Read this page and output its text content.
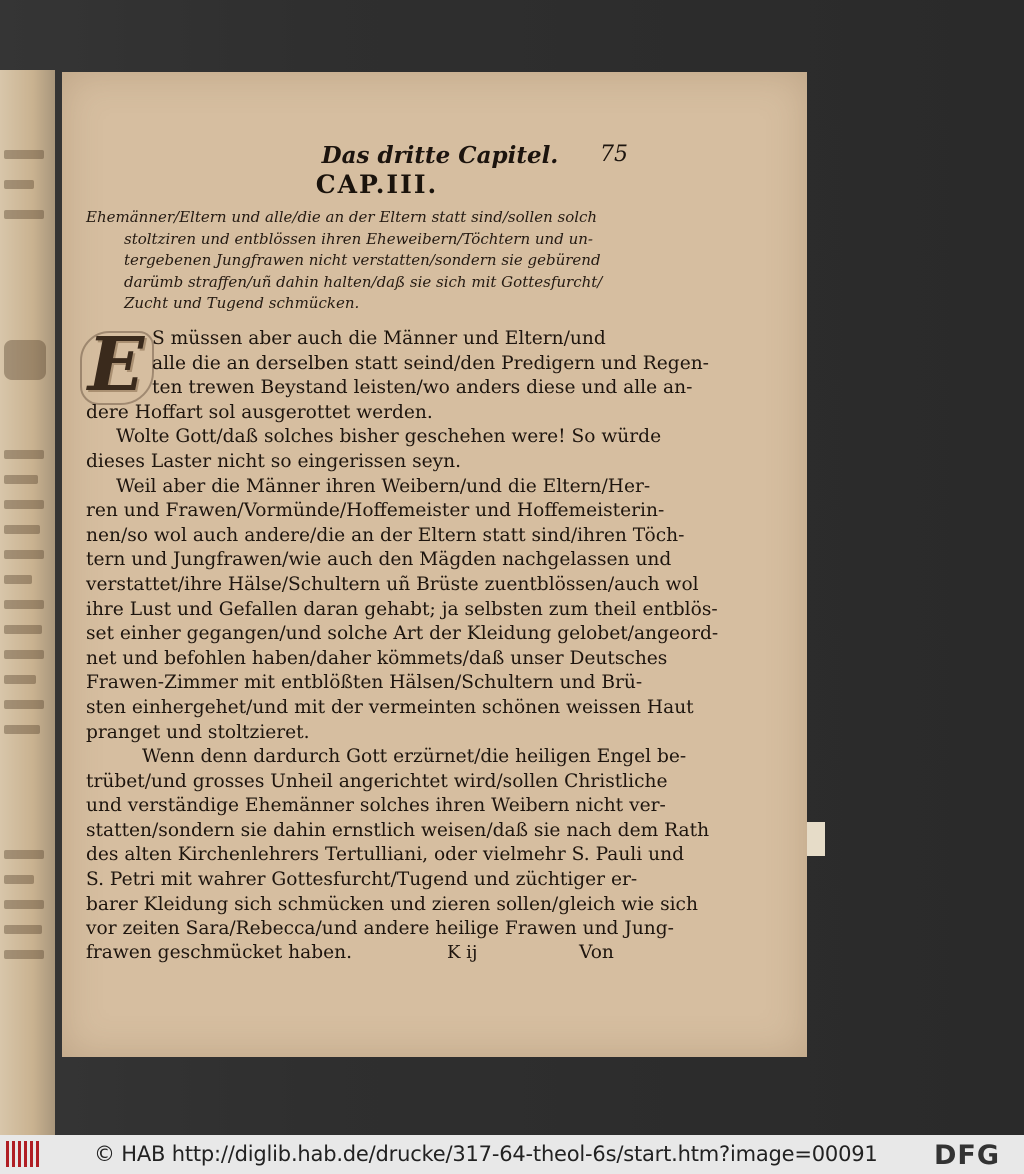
Das dritte Capitel.	75
CAP.III.
Ehemänner/Eltern und alle/die an der Eltern statt sind/sollen solch
stoltziren und entblössen ihren Eheweibern/Töchtern und un-
tergebenen Jungfrawen nicht verstatten/sondern sie gebürend
darümb straffen/uñ dahin halten/daß sie sich mit Gottesfurcht/
Zucht und Tugend schmücken.
E S müssen aber auch die Männer und Eltern/und
alle die an derselben statt seind/den Predigern und Regen-
ten trewen Beystand leisten/wo anders diese und alle an-
dere Hoffart sol ausgerottet werden.
Wolte Gott/daß solches bisher geschehen were! So würde
dieses Laster nicht so eingerissen seyn.
Weil aber die Männer ihren Weibern/und die Eltern/Her-
ren und Frawen/Vormünde/Hoffemeister und Hoffemeisterin-
nen/so wol auch andere/die an der Eltern statt sind/ihren Töch-
tern und Jungfrawen/wie auch den Mägden nachgelassen und
verstattet/ihre Hälse/Schultern uñ Brüste zuentblössen/auch wol
ihre Lust und Gefallen daran gehabt; ja selbsten zum theil entblös-
set einher gegangen/und solche Art der Kleidung gelobet/angeord-
net und befohlen haben/daher kömmets/daß unser Deutsches
Frawen-Zimmer mit entblößten Hälsen/Schultern und Brü-
sten einhergehet/und mit der vermeinten schönen weissen Haut
pranget und stoltzieret.
Wenn denn dardurch Gott erzürnet/die heiligen Engel be-
trübet/und grosses Unheil angerichtet wird/sollen Christliche
und verständige Ehemänner solches ihren Weibern nicht ver-
statten/sondern sie dahin ernstlich weisen/daß sie nach dem Rath
des alten Kirchenlehrers Tertulliani, oder vielmehr S. Pauli und
S. Petri mit wahrer Gottesfurcht/Tugend und züchtiger er-
barer Kleidung sich schmücken und zieren sollen/gleich wie sich
vor zeiten Sara/Rebecca/und andere heilige Frawen und Jung-
frawen geschmücket haben.	K ij	Von
© HAB http://diglib.hab.de/drucke/317-64-theol-6s/start.htm?image=00091 DFG
